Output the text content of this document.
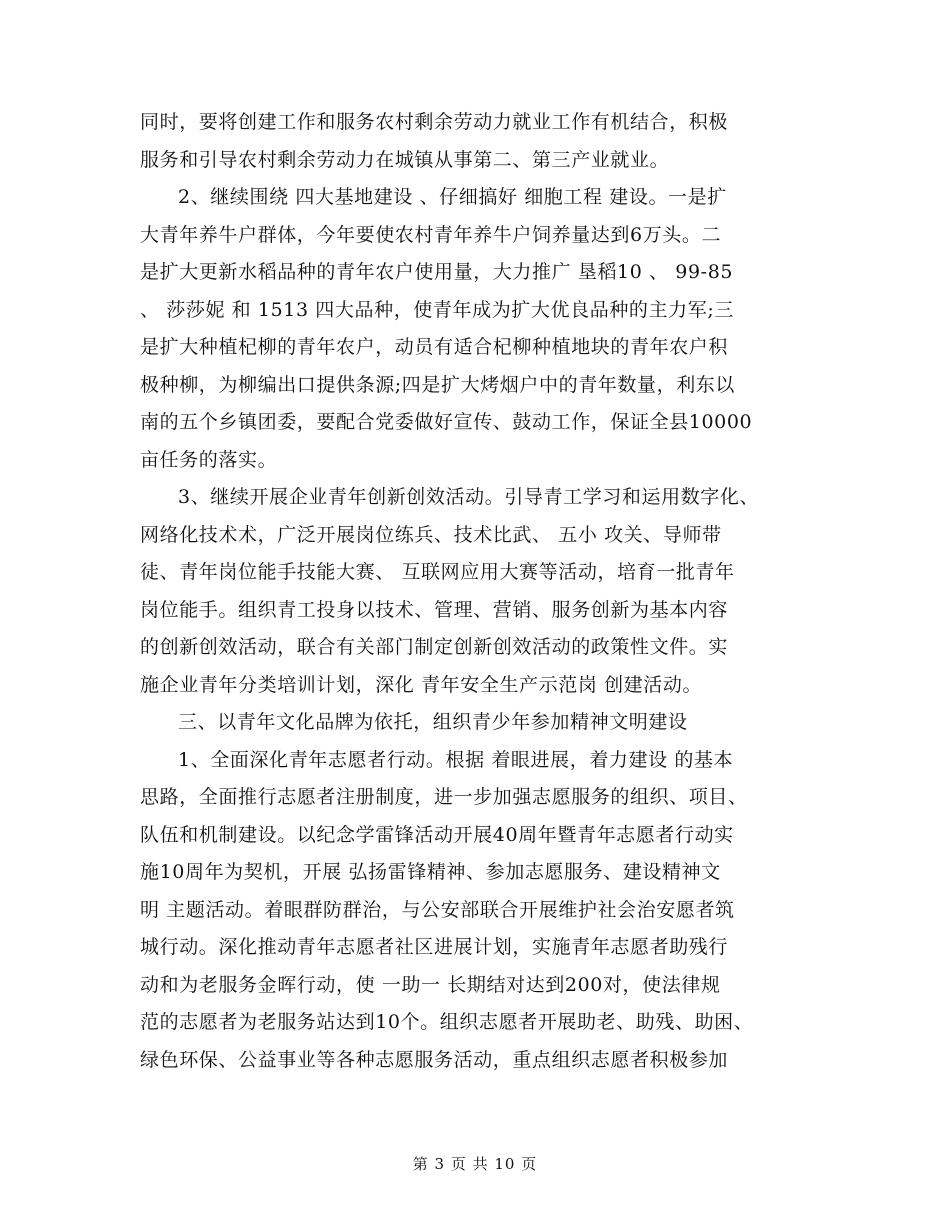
同时，要将创建工作和服务农村剩余劳动力就业工作有机结合，积极
服务和引导农村剩余劳动力在城镇从事第二、第三产业就业。
2、继续围绕 四大基地建设 、仔细搞好 细胞工程 建设。一是扩
大青年养牛户群体，今年要使农村青年养牛户饲养量达到6万头。二
是扩大更新水稻品种的青年农户使用量，大力推广 垦稻10 、 99-85
、 莎莎妮 和 1513 四大品种，使青年成为扩大优良品种的主力军;三
是扩大种植杞柳的青年农户，动员有适合杞柳种植地块的青年农户积
极种柳，为柳编出口提供条源;四是扩大烤烟户中的青年数量，利东以
南的五个乡镇团委，要配合党委做好宣传、鼓动工作，保证全县10000
亩任务的落实。
3、继续开展企业青年创新创效活动。引导青工学习和运用数字化、
网络化技术术，广泛开展岗位练兵、技术比武、 五小 攻关、导师带
徒、青年岗位能手技能大赛、 互联网应用大赛等活动，培育一批青年
岗位能手。组织青工投身以技术、管理、营销、服务创新为基本内容
的创新创效活动，联合有关部门制定创新创效活动的政策性文件。实
施企业青年分类培训计划，深化 青年安全生产示范岗 创建活动。
三、以青年文化品牌为依托，组织青少年参加精神文明建设
1、全面深化青年志愿者行动。根据 着眼进展，着力建设 的基本
思路，全面推行志愿者注册制度，进一步加强志愿服务的组织、项目、
队伍和机制建设。以纪念学雷锋活动开展40周年暨青年志愿者行动实
施10周年为契机，开展 弘扬雷锋精神、参加志愿服务、建设精神文
明 主题活动。着眼群防群治，与公安部联合开展维护社会治安愿者筑
城行动。深化推动青年志愿者社区进展计划，实施青年志愿者助残行
动和为老服务金晖行动，使 一助一 长期结对达到200对，使法律规
范的志愿者为老服务站达到10个。组织志愿者开展助老、助残、助困、
绿色环保、公益事业等各种志愿服务活动，重点组织志愿者积极参加
第 3 页 共 10 页
